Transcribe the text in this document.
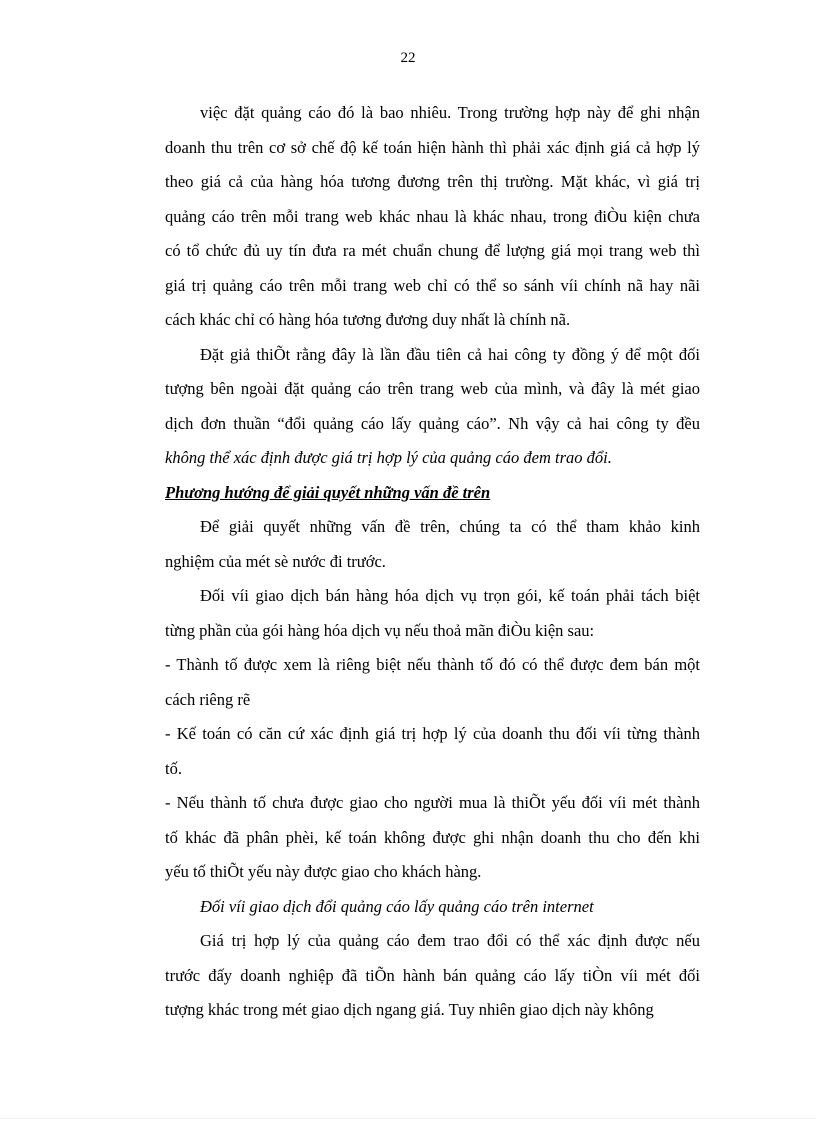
22
việc đặt quảng cáo đó là bao nhiêu. Trong trường hợp này để ghi nhận
doanh thu trên cơ sở chế độ kế toán hiện hành thì phải xác định giá cả hợp lý
theo giá cả của hàng hóa tương đương trên thị trường. Mặt khác, vì giá trị
quảng cáo trên mỗi trang web khác nhau là khác nhau, trong điÒu kiện chưa
có tổ chức đủ uy tín đưa ra mét chuẩn chung để lượng giá mọi trang web thì
giá trị quảng cáo trên mỗi trang web chỉ có thể so sánh víi chính nã hay nãi
cách khác chỉ có hàng hóa tương đương duy nhất là chính nã.
Đặt giả thiÕt rằng đây là lần đầu tiên cả hai công ty đồng ý để một đối
tượng bên ngoài đặt quảng cáo trên trang web của mình, và đây là mét giao
dịch đơn thuần “đổi quảng cáo lấy quảng cáo”. Nh vậy cả hai công ty đều
không thể xác định được giá trị hợp lý của quảng cáo đem trao đổi.
Phương hướng để giải quyết những vấn đề trên
Để giải quyết những vấn đề trên, chúng ta có thể tham khảo kinh
nghiệm của mét sè nước đi trước.
Đối víi giao dịch bán hàng hóa dịch vụ trọn gói, kế toán phải tách biệt
từng phần của gói hàng hóa dịch vụ nếu thoả mãn điÒu kiện sau:
- Thành tố được xem là riêng biệt nếu thành tố đó có thể được đem bán một
cách riêng rẽ
- Kế toán có căn cứ xác định giá trị hợp lý của doanh thu đối víi từng thành
tố.
- Nếu thành tố chưa được giao cho người mua là thiÕt yếu đối víi mét thành
tố khác đã phân phèi, kế toán không được ghi nhận doanh thu cho đến khi
yếu tố thiÕt yếu này được giao cho khách hàng.
Đối víi giao dịch đổi quảng cáo lấy quảng cáo trên internet
Giá trị hợp lý của quảng cáo đem trao đổi có thể xác định được nếu
trước đấy doanh nghiệp đã tiÕn hành bán quảng cáo lấy tiÒn víi mét đối
tượng khác trong mét giao dịch ngang giá. Tuy nhiên giao dịch này không
